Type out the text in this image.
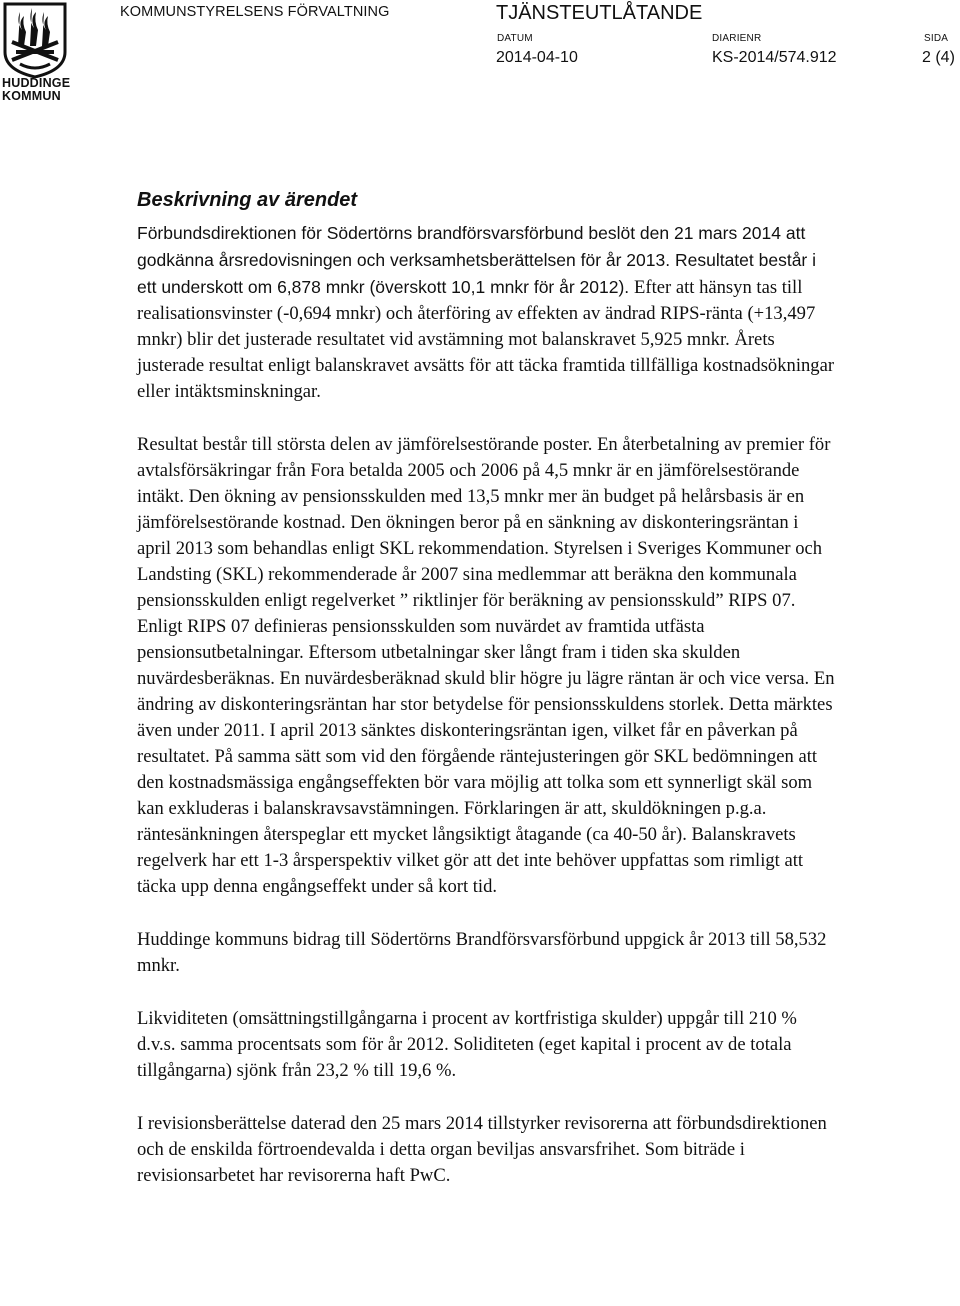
HUDDINGE
KOMMUN
KOMMUNSTYRELSENS FÖRVALTNING	TJÄNSTEUTLÅTANDE
DATUM
2014-04-10
DIARIENR
KS-2014/574.912
SIDA
2 (4)
Beskrivning av ärendet

Förbundsdirektionen för Södertörns brandförsvarsförbund beslöt den 21 mars 2014 att godkänna årsredovisningen och verksamhetsberättelsen för år 2013. Resultatet består i ett underskott om 6,878 mnkr (överskott 10,1 mnkr för år 2012). Efter att hänsyn tas till realisationsvinster (-0,694 mnkr) och återföring av effekten av ändrad RIPS-ränta (+13,497 mnkr) blir det justerade resultatet vid avstämning mot balanskravet 5,925 mnkr. Årets justerade resultat enligt balanskravet avsätts för att täcka framtida tillfälliga kostnadsökningar eller intäktsminskningar.

Resultat består till största delen av jämförelsestörande poster. En återbetalning av premier för avtalsförsäkringar från Fora betalda 2005 och 2006 på 4,5 mnkr är en jämförelsestörande intäkt. Den ökning av pensionsskulden med 13,5 mnkr mer än budget på helårsbasis är en jämförelsestörande kostnad. Den ökningen beror på en sänkning av diskonteringsräntan i april 2013 som behandlas enligt SKL rekommendation. Styrelsen i Sveriges Kommuner och Landsting (SKL) rekommenderade år 2007 sina medlemmar att beräkna den kommunala pensionsskulden enligt regelverket ” riktlinjer för beräkning av pensionsskuld” RIPS 07. Enligt RIPS 07 definieras pensionsskulden som nuvärdet av framtida utfästa pensionsutbetalningar. Eftersom utbetalningar sker långt fram i tiden ska skulden nuvärdesberäknas. En nuvärdesberäknad skuld blir högre ju lägre räntan är och vice versa. En ändring av diskonteringsräntan har stor betydelse för pensionsskuldens storlek. Detta märktes även under 2011. I april 2013 sänktes diskonteringsräntan igen, vilket får en påverkan på resultatet. På samma sätt som vid den förgående räntejusteringen gör SKL bedömningen att den kostnadsmässiga engångseffekten bör vara möjlig att tolka som ett synnerligt skäl som kan exkluderas i balanskravsavstämningen. Förklaringen är att, skuldökningen p.g.a. räntesänkningen återspeglar ett mycket långsiktigt åtagande (ca 40-50 år). Balanskravets regelverk har ett 1-3 årsperspektiv vilket gör att det inte behöver uppfattas som rimligt att täcka upp denna engångseffekt under så kort tid.

Huddinge kommuns bidrag till Södertörns Brandförsvarsförbund uppgick år 2013 till 58,532 mnkr.

Likviditeten (omsättningstillgångarna i procent av kortfristiga skulder) uppgår till 210 % d.v.s. samma procentsats som för år 2012. Soliditeten (eget kapital i procent av de totala tillgångarna) sjönk från 23,2 % till 19,6 %.

I revisionsberättelse daterad den 25 mars 2014 tillstyrker revisorerna att förbundsdirektionen och de enskilda förtroendevalda i detta organ beviljas ansvarsfrihet. Som biträde i revisionsarbetet har revisorerna haft PwC.
